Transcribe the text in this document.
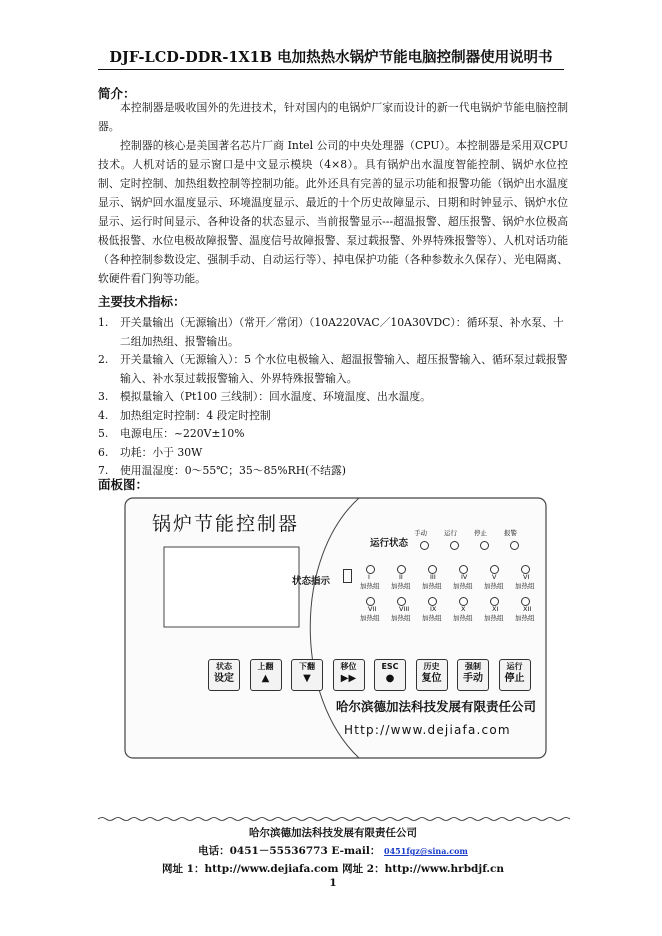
DJF-LCD-DDR-1X1B 电加热热水锅炉节能电脑控制器使用说明书
简介：
本控制器是吸收国外的先进技术，针对国内的电锅炉厂家而设计的新一代电锅炉节能电脑控制器。
控制器的核心是美国著名芯片厂商 Intel 公司的中央处理器（CPU）。本控制器是采用双CPU 技术。人机对话的显示窗口是中文显示模块（4×8）。具有锅炉出水温度智能控制、锅炉水位控制、定时控制、加热组数控制等控制功能。此外还具有完善的显示功能和报警功能（锅炉出水温度显示、锅炉回水温度显示、环境温度显示、最近的十个历史故障显示、日期和时钟显示、锅炉水位显示、运行时间显示、各种设备的状态显示、当前报警显示---超温报警、超压报警、锅炉水位极高极低报警、水位电极故障报警、温度信号故障报警、泵过载报警、外界特殊报警等）、人机对话功能（各种控制参数设定、强制手动、自动运行等）、掉电保护功能（各种参数永久保存）、光电隔离、软硬件看门狗等功能。
主要技术指标：
1. 开关量输出（无源输出）（常开／常闭）（10A220VAC／10A30VDC）：循环泵、补水泵、十二组加热组、报警输出。
2. 开关量输入（无源输入）：5 个水位电极输入、超温报警输入、超压报警输入、循环泵过载报警输入、补水泵过载报警输入、外界特殊报警输入。
3. 模拟量输入（Pt100 三线制）：回水温度、环境温度、出水温度。
4. 加热组定时控制：4 段定时控制
5. 电源电压：~220V±10%
6. 功耗：小于 30W
7. 使用温湿度：0～55℃；35～85%RH(不结露)
面板图：
锅炉节能控制器
运行状态
手动	运行	停止	报警
状态指示	I
加热组
II
加热组
III
加热组
IV
加热组
V
加热组
VI
加热组
VII
加热组
VIII
加热组
IX
加热组
X
加热组
XI
加热组
XII
加热组
状态
设定
上翻
▲
下翻
▼
移位
▶▶
ESC
●
历史
复位
强制
手动
运行
停止
哈尔滨德加法科技发展有限责任公司
Http://www.dejiafa.com
哈尔滨德加法科技发展有限责任公司
电话：0451－55536773 E-mail： 0451fgz@sina.com
网址 1：http://www.dejiafa.com 网址 2：http://www.hrbdjf.cn
1
